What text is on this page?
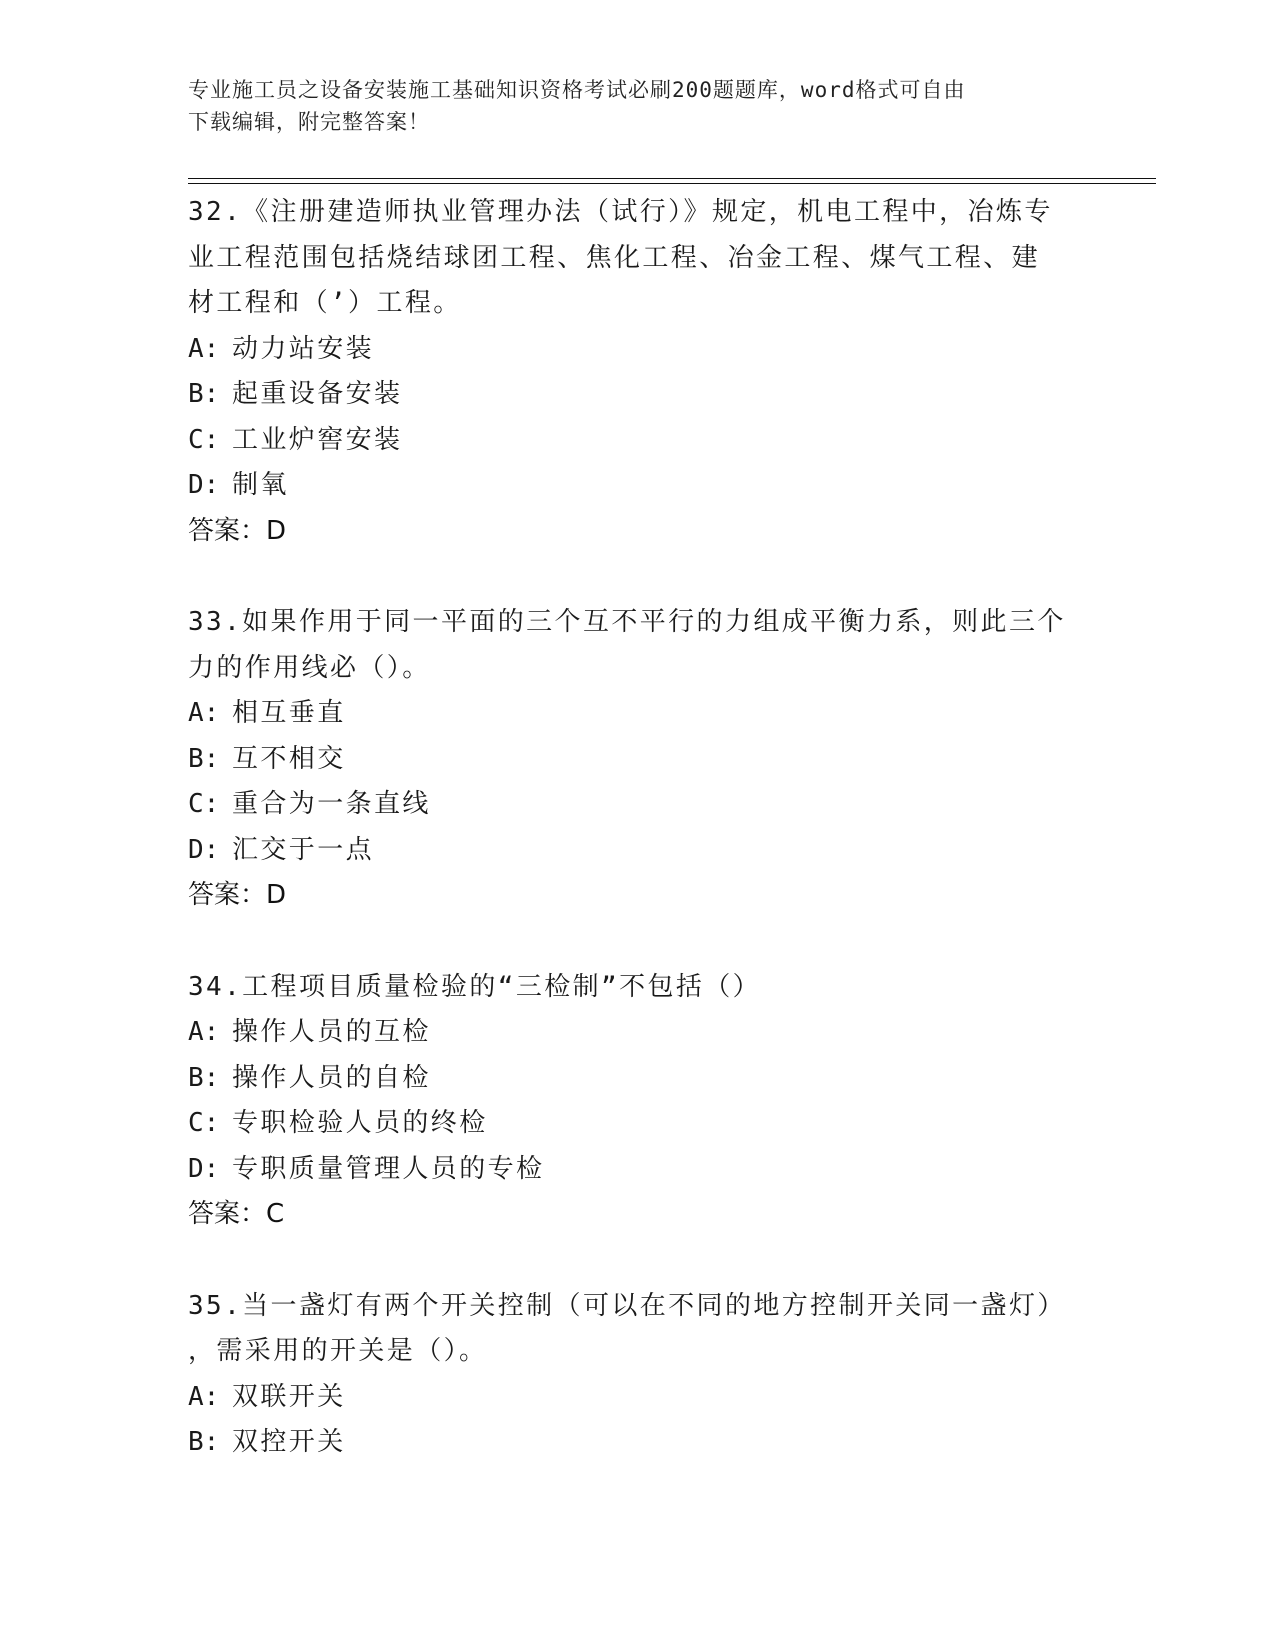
专业施工员之设备安装施工基础知识资格考试必刷200题题库，word格式可自由
下载编辑，附完整答案！
32.《注册建造师执业管理办法（试行）》规定，机电工程中，冶炼专
业工程范围包括烧结球团工程、焦化工程、冶金工程、煤气工程、建
材工程和（’）工程。
A: 动力站安装
B: 起重设备安装
C: 工业炉窖安装
D: 制氧
答案：D
33.如果作用于同一平面的三个互不平行的力组成平衡力系，则此三个
力的作用线必（）。
A: 相互垂直
B: 互不相交
C: 重合为一条直线
D: 汇交于一点
答案：D
34.工程项目质量检验的“三检制”不包括（）
A: 操作人员的互检
B: 操作人员的自检
C: 专职检验人员的终检
D: 专职质量管理人员的专检
答案：C
35.当一盏灯有两个开关控制（可以在不同的地方控制开关同一盏灯）
，需采用的开关是（）。
A: 双联开关
B: 双控开关
